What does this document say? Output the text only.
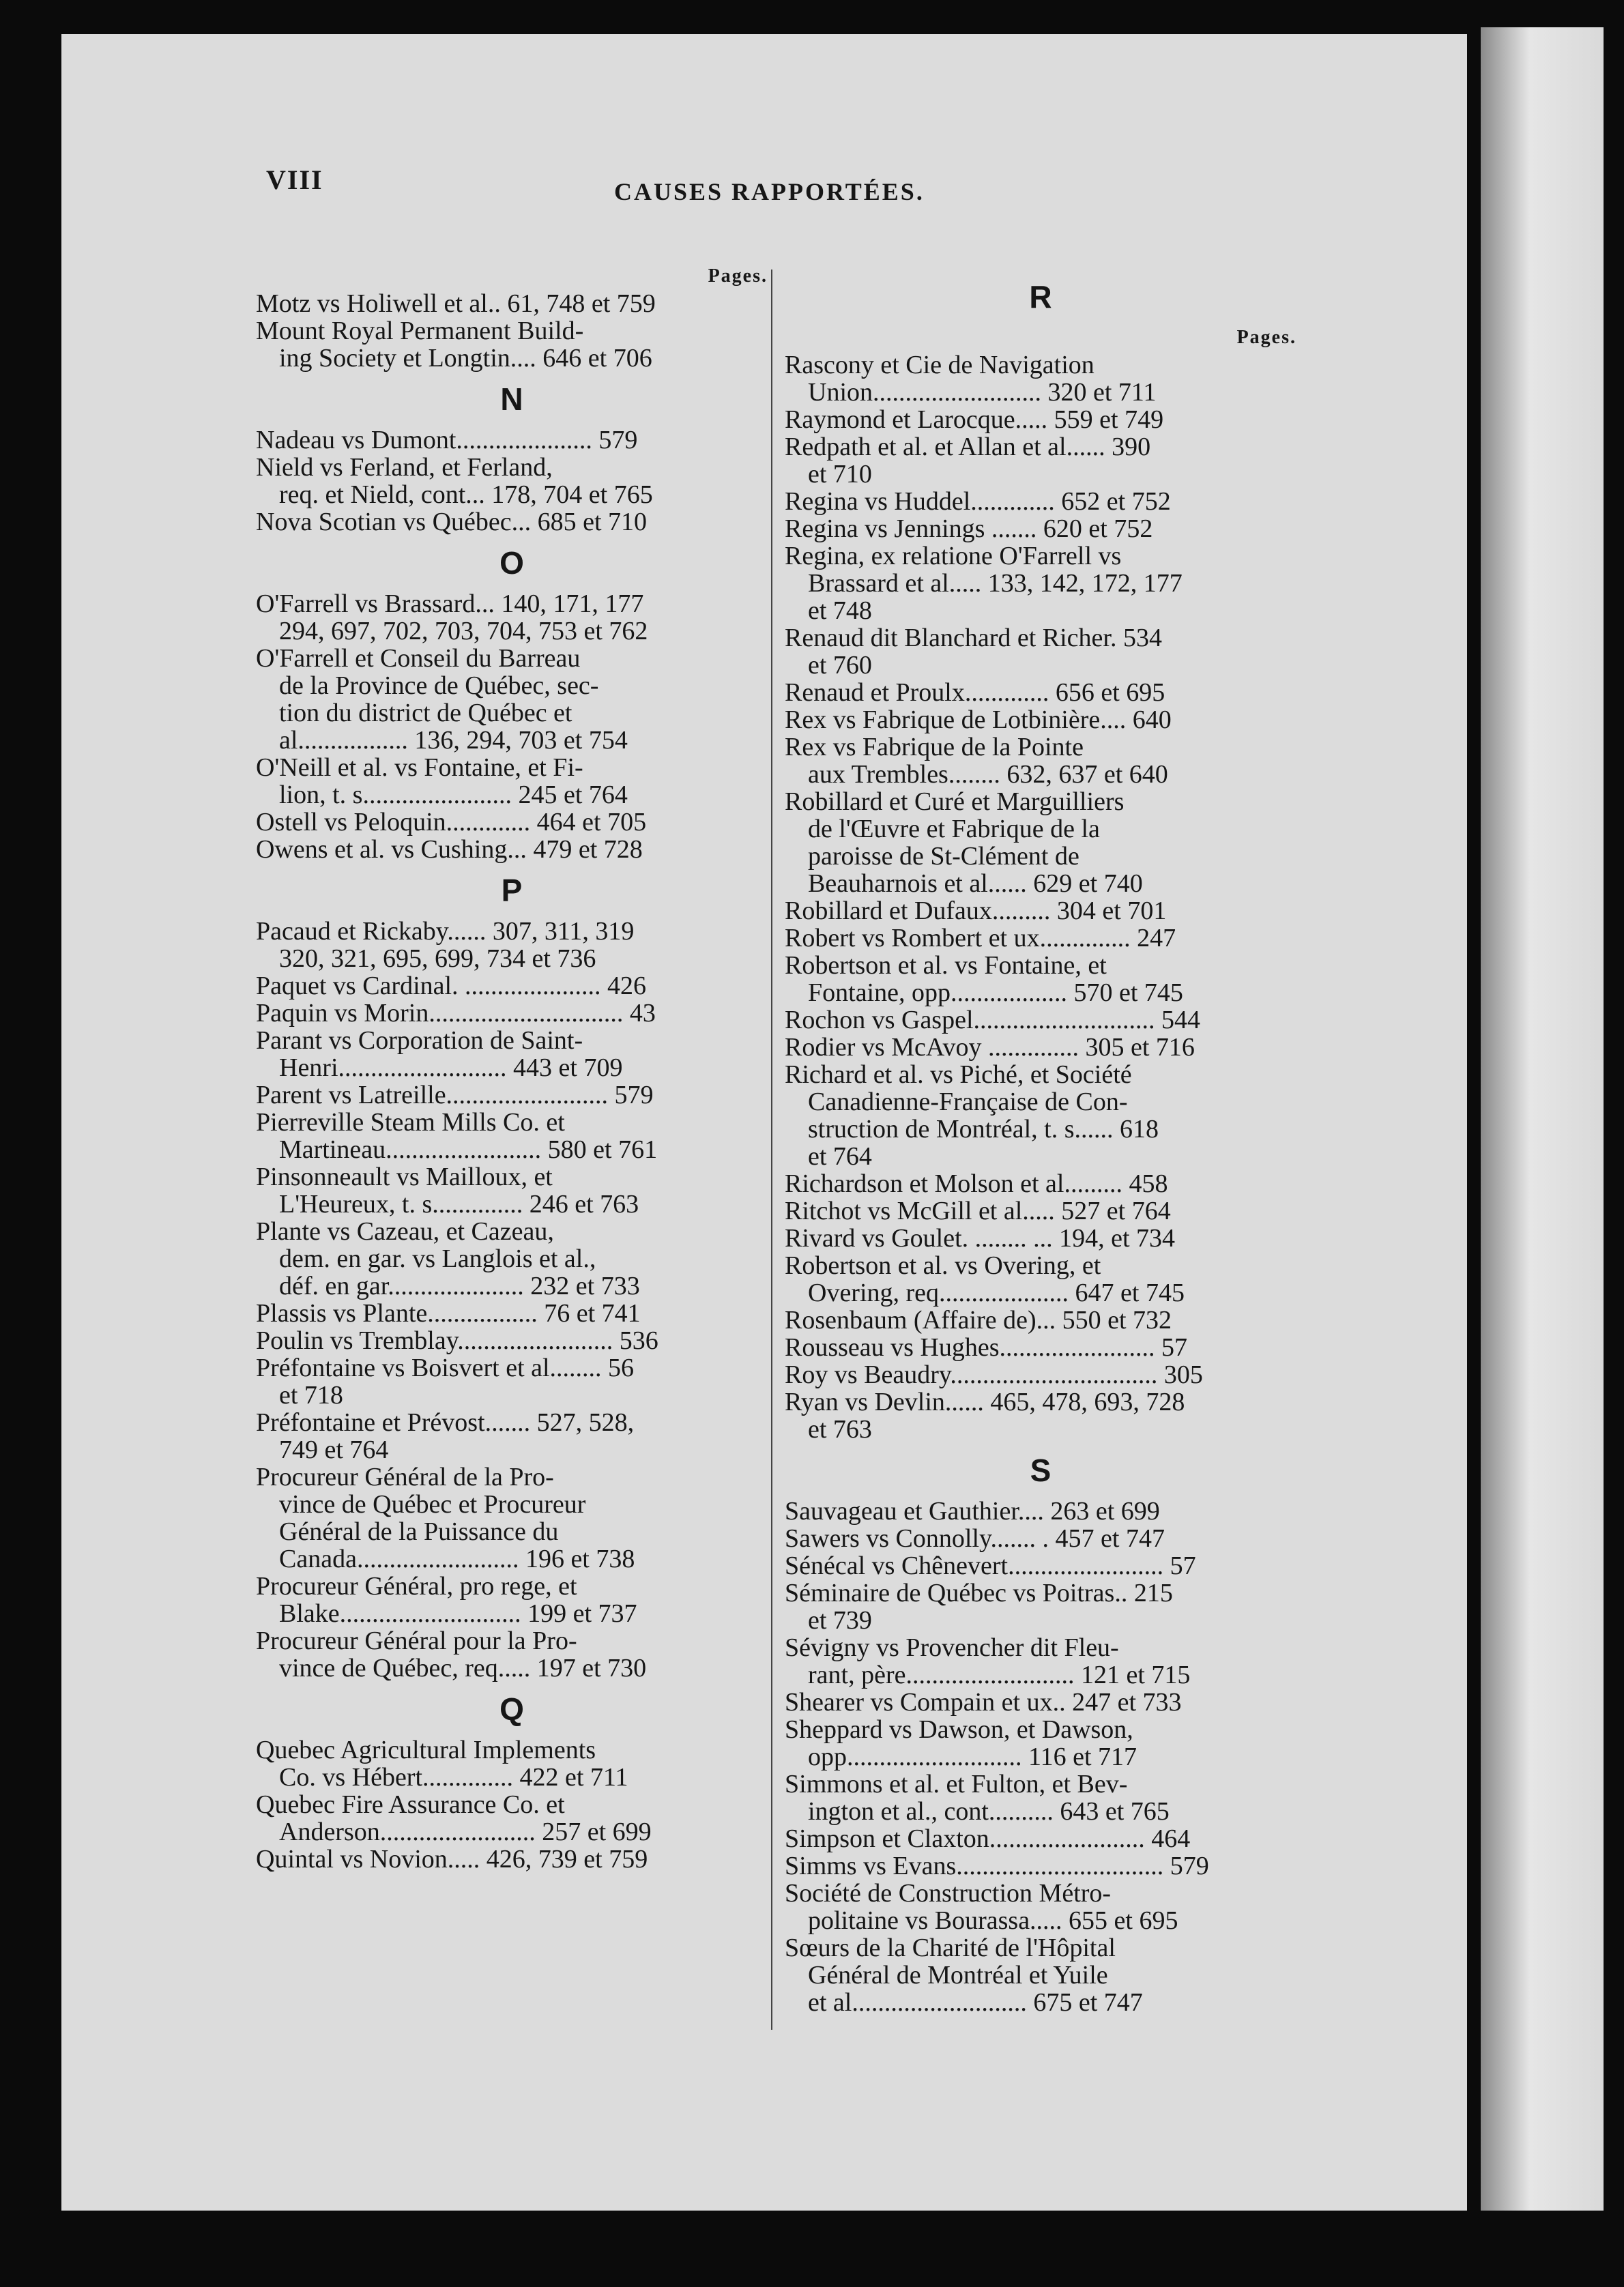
VIII	CAUSES RAPPORTÉES.
Pages.
Motz vs Holiwell et al.. 61, 748 et 759
Mount Royal Permanent Build-
ing Society et Longtin.... 646 et 706
N
Nadeau vs Dumont..................... 579
Nield vs Ferland, et Ferland,
req. et Nield, cont... 178, 704 et 765
Nova Scotian vs Québec... 685 et 710
O
O'Farrell vs Brassard... 140, 171, 177
294, 697, 702, 703, 704, 753 et 762
O'Farrell et Conseil du Barreau
de la Province de Québec, sec-
tion du district de Québec et
al................. 136, 294, 703 et 754
O'Neill et al. vs Fontaine, et Fi-
lion, t. s....................... 245 et 764
Ostell vs Peloquin............. 464 et 705
Owens et al. vs Cushing... 479 et 728
P
Pacaud et Rickaby...... 307, 311, 319
320, 321, 695, 699, 734 et 736
Paquet vs Cardinal. ..................... 426
Paquin vs Morin.............................. 43
Parant vs Corporation de Saint-
Henri.......................... 443 et 709
Parent vs Latreille......................... 579
Pierreville Steam Mills Co. et
Martineau........................ 580 et 761
Pinsonneault vs Mailloux, et
L'Heureux, t. s.............. 246 et 763
Plante vs Cazeau, et Cazeau,
dem. en gar. vs Langlois et al.,
déf. en gar..................... 232 et 733
Plassis vs Plante................. 76 et 741
Poulin vs Tremblay........................ 536
Préfontaine vs Boisvert et al........ 56
et 718
Préfontaine et Prévost....... 527, 528,
749 et 764
Procureur Général de la Pro-
vince de Québec et Procureur
Général de la Puissance du
Canada......................... 196 et 738
Procureur Général, pro rege, et
Blake............................ 199 et 737
Procureur Général pour la Pro-
vince de Québec, req..... 197 et 730
Q
Quebec Agricultural Implements
Co. vs Hébert.............. 422 et 711
Quebec Fire Assurance Co. et
Anderson........................ 257 et 699
Quintal vs Novion..... 426, 739 et 759
R
Pages.
Rascony et Cie de Navigation
Union.......................... 320 et 711
Raymond et Larocque..... 559 et 749
Redpath et al. et Allan et al...... 390
et 710
Regina vs Huddel............. 652 et 752
Regina vs Jennings ....... 620 et 752
Regina, ex relatione O'Farrell vs
Brassard et al..... 133, 142, 172, 177
et 748
Renaud dit Blanchard et Richer. 534
et 760
Renaud et Proulx............. 656 et 695
Rex vs Fabrique de Lotbinière.... 640
Rex vs Fabrique de la Pointe
aux Trembles........ 632, 637 et 640
Robillard et Curé et Marguilliers
de l'Œuvre et Fabrique de la
paroisse de St-Clément de
Beauharnois et al...... 629 et 740
Robillard et Dufaux......... 304 et 701
Robert vs Rombert et ux.............. 247
Robertson et al. vs Fontaine, et
Fontaine, opp.................. 570 et 745
Rochon vs Gaspel............................ 544
Rodier vs McAvoy .............. 305 et 716
Richard et al. vs Piché, et Société
Canadienne-Française de Con-
struction de Montréal, t. s...... 618
et 764
Richardson et Molson et al......... 458
Ritchot vs McGill et al..... 527 et 764
Rivard vs Goulet. ........ ... 194, et 734
Robertson et al. vs Overing, et
Overing, req.................... 647 et 745
Rosenbaum (Affaire de)... 550 et 732
Rousseau vs Hughes........................ 57
Roy vs Beaudry................................ 305
Ryan vs Devlin...... 465, 478, 693, 728
et 763
S
Sauvageau et Gauthier.... 263 et 699
Sawers vs Connolly....... . 457 et 747
Sénécal vs Chênevert........................ 57
Séminaire de Québec vs Poitras.. 215
et 739
Sévigny vs Provencher dit Fleu-
rant, père.......................... 121 et 715
Shearer vs Compain et ux.. 247 et 733
Sheppard vs Dawson, et Dawson,
opp........................... 116 et 717
Simmons et al. et Fulton, et Bev-
ington et al., cont.......... 643 et 765
Simpson et Claxton........................ 464
Simms vs Evans................................ 579
Société de Construction Métro-
politaine vs Bourassa..... 655 et 695
Sœurs de la Charité de l'Hôpital
Général de Montréal et Yuile
et al........................... 675 et 747
